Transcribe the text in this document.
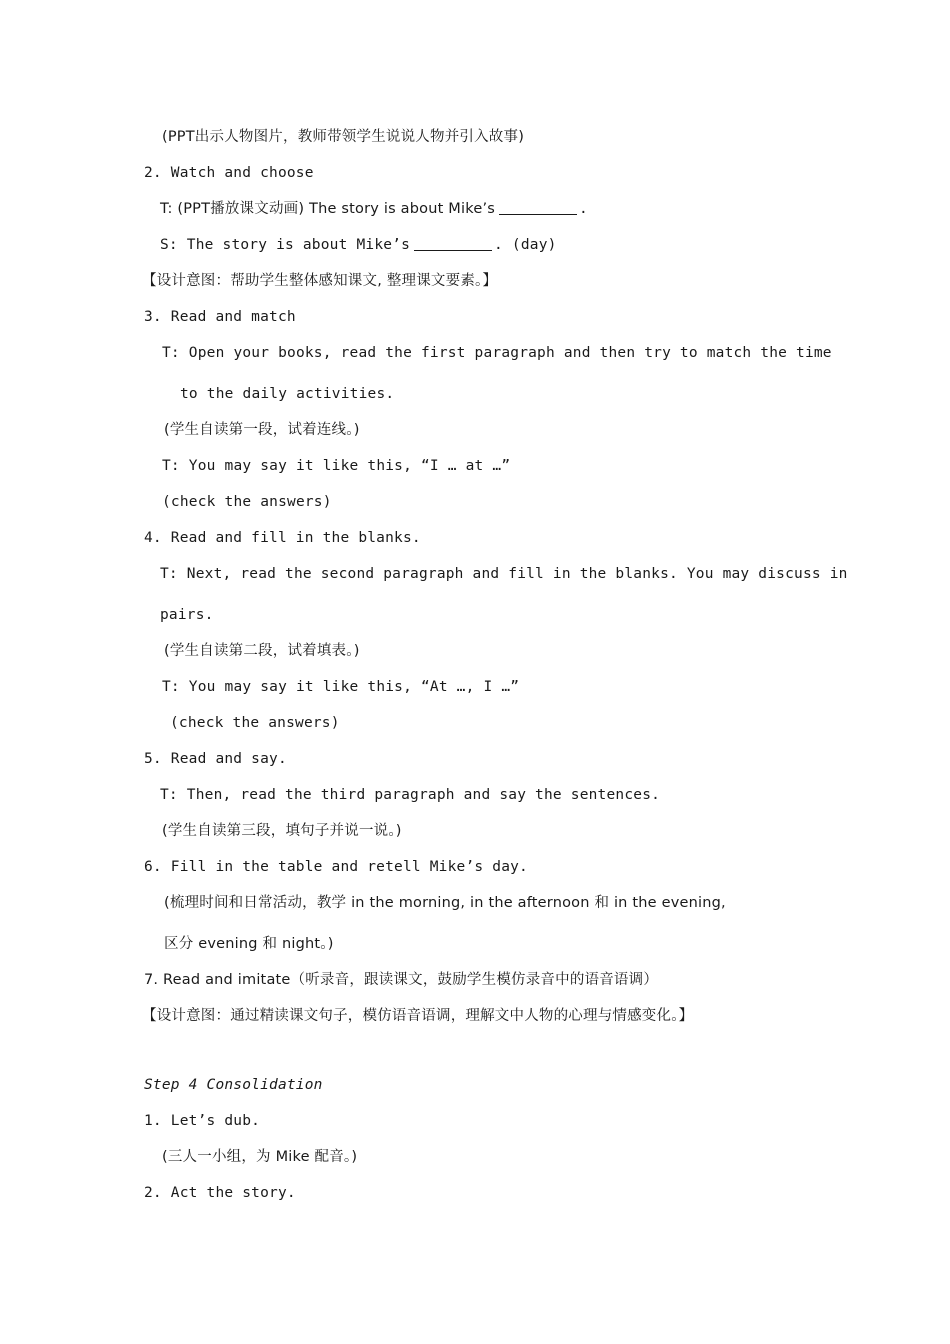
(PPT出示人物图片，教师带领学生说说人物并引入故事)
2. Watch and choose
T: (PPT播放课文动画) The story is about Mike’s	.
S: The story is about Mike’s	. (day)
【设计意图：帮助学生整体感知课文, 整理课文要素。】
3. Read and match
T: Open your books, read the first paragraph and then try to match the time
to the daily activities.
(学生自读第一段，试着连线。)
T: You may say it like this, “I … at …”
(check the answers)
4. Read and fill in the blanks.
T: Next, read the second paragraph and fill in the blanks. You may discuss in
pairs.
(学生自读第二段，试着填表。)
T: You may say it like this, “At …, I …”
(check the answers)
5. Read and say.
T: Then, read the third paragraph and say the sentences.
(学生自读第三段，填句子并说一说。)
6. Fill in the table and retell Mike’s day.
(梳理时间和日常活动，教学 in the morning, in the afternoon 和 in the evening,
区分 evening 和 night。)
7. Read and imitate（听录音，跟读课文，鼓励学生模仿录音中的语音语调）
【设计意图：通过精读课文句子，模仿语音语调，理解文中人物的心理与情感变化。】
Step 4 Consolidation
1. Let’s dub.
(三人一小组，为 Mike 配音。)
2. Act the story.
